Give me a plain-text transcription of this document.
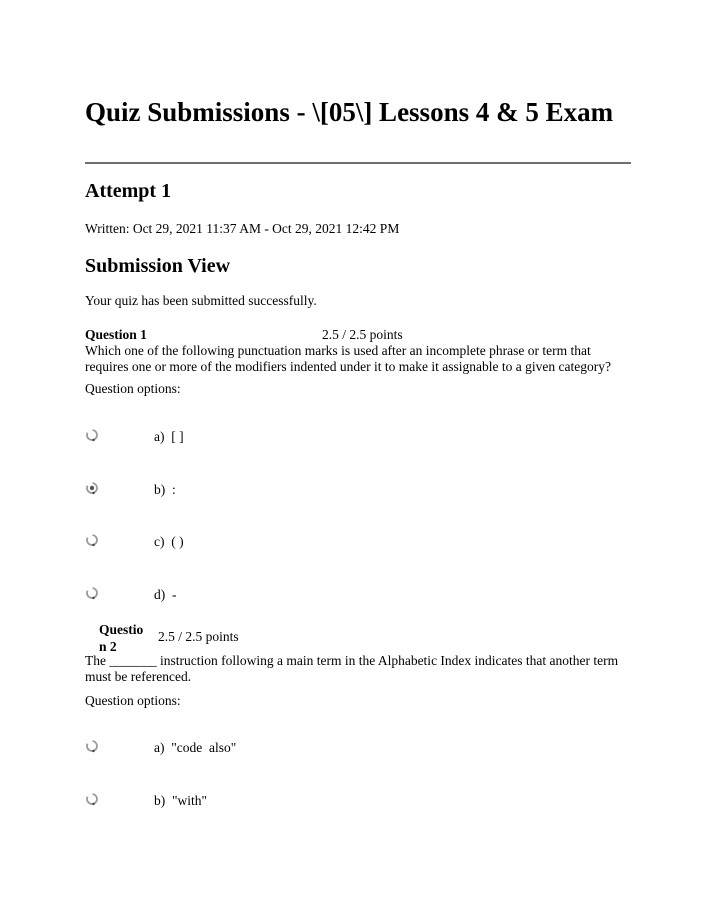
Quiz Submissions - \[05\] Lessons 4 & 5 Exam
Attempt 1
Written: Oct 29, 2021 11:37 AM - Oct 29, 2021 12:42 PM
Submission View
Your quiz has been submitted successfully.
Question 1	2.5 / 2.5 points
Which one of the following punctuation marks is used after an incomplete phrase or term that requires one or more of the modifiers indented under it to make it assignable to a given category?
Question options:
a)  [ ]
b)  :
c)  ( )
d)  -
Question 2
2.5 / 2.5 points
The _______ instruction following a main term in the Alphabetic Index indicates that another term must be referenced.
Question options:
a)  "code  also"
b)  "with"
